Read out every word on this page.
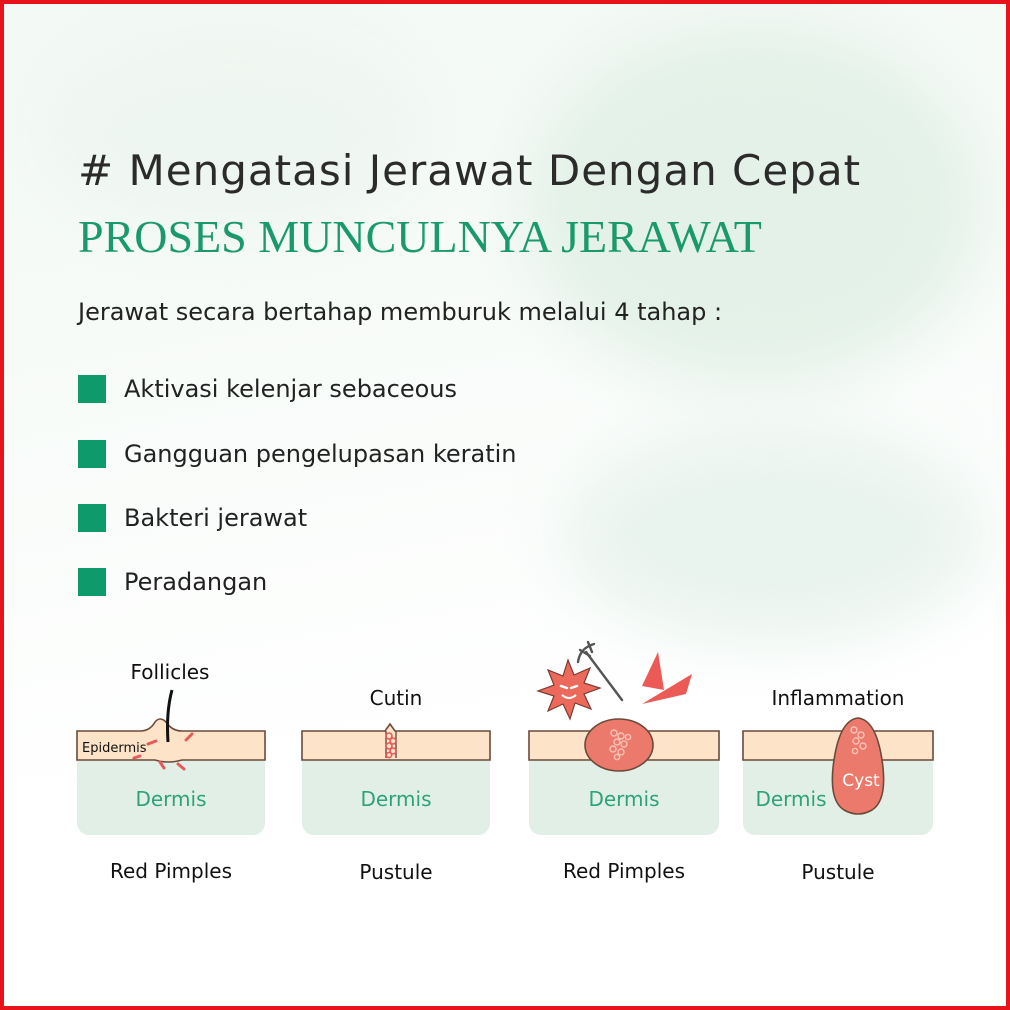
# Mengatasi Jerawat Dengan Cepat
PROSES MUNCULNYA JERAWAT

Jerawat secara bertahap memburuk melalui 4 tahap :

Aktivasi kelenjar sebaceous
Gangguan pengelupasan keratin
Bakteri jerawat
Peradangan
Follicles
Epidermis
Dermis
Red Pimples
Cutin
Dermis
Pustule
Dermis
Red Pimples
Inflammation
Cyst
Dermis
Pustule
